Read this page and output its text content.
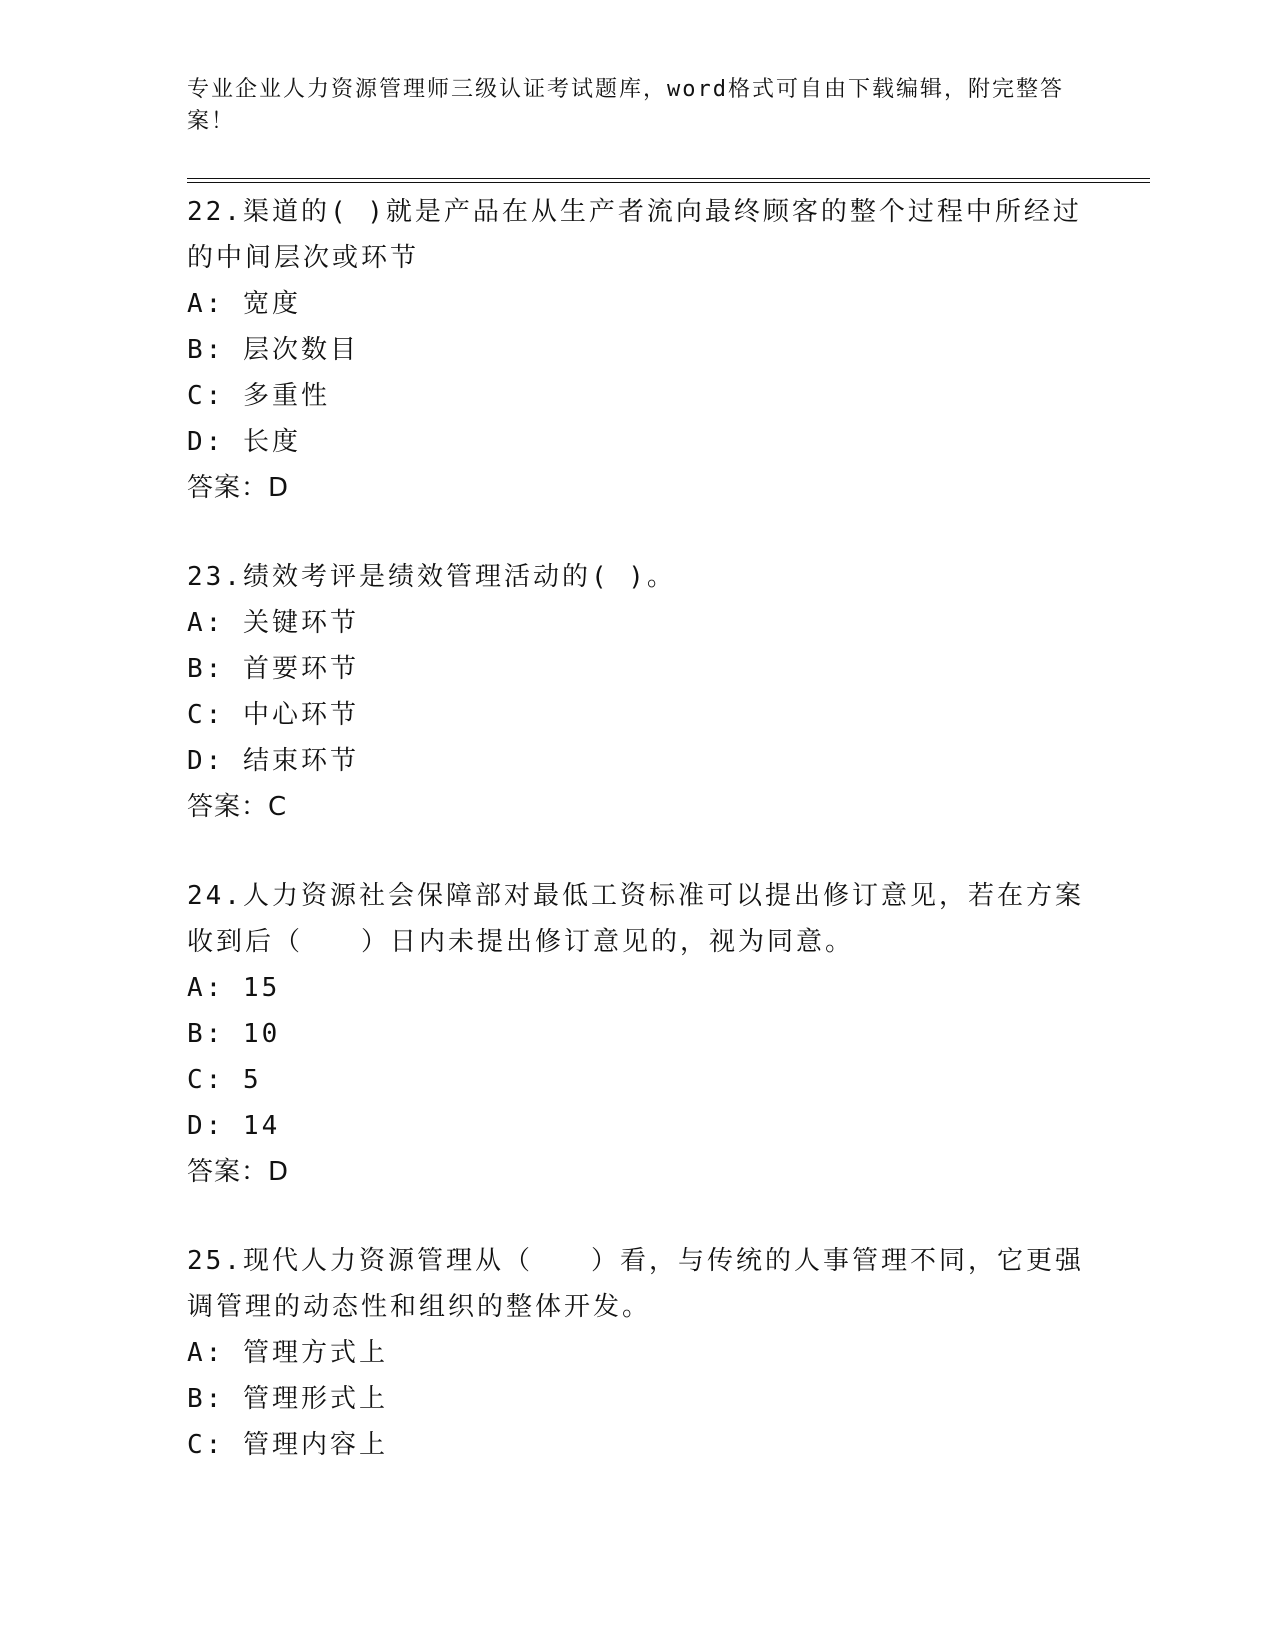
专业企业人力资源管理师三级认证考试题库，word格式可自由下载编辑，附完整答案！
22.渠道的( )就是产品在从生产者流向最终顾客的整个过程中所经过的中间层次或环节
A: 宽度
B: 层次数目
C: 多重性
D: 长度
答案：D
23.绩效考评是绩效管理活动的( )。
A: 关键环节
B: 首要环节
C: 中心环节
D: 结束环节
答案：C
24.人力资源社会保障部对最低工资标准可以提出修订意见，若在方案收到后（　　）日内未提出修订意见的，视为同意。
A: 15
B: 10
C: 5
D: 14
答案：D
25.现代人力资源管理从（　　）看，与传统的人事管理不同，它更强调管理的动态性和组织的整体开发。
A: 管理方式上
B: 管理形式上
C: 管理内容上
